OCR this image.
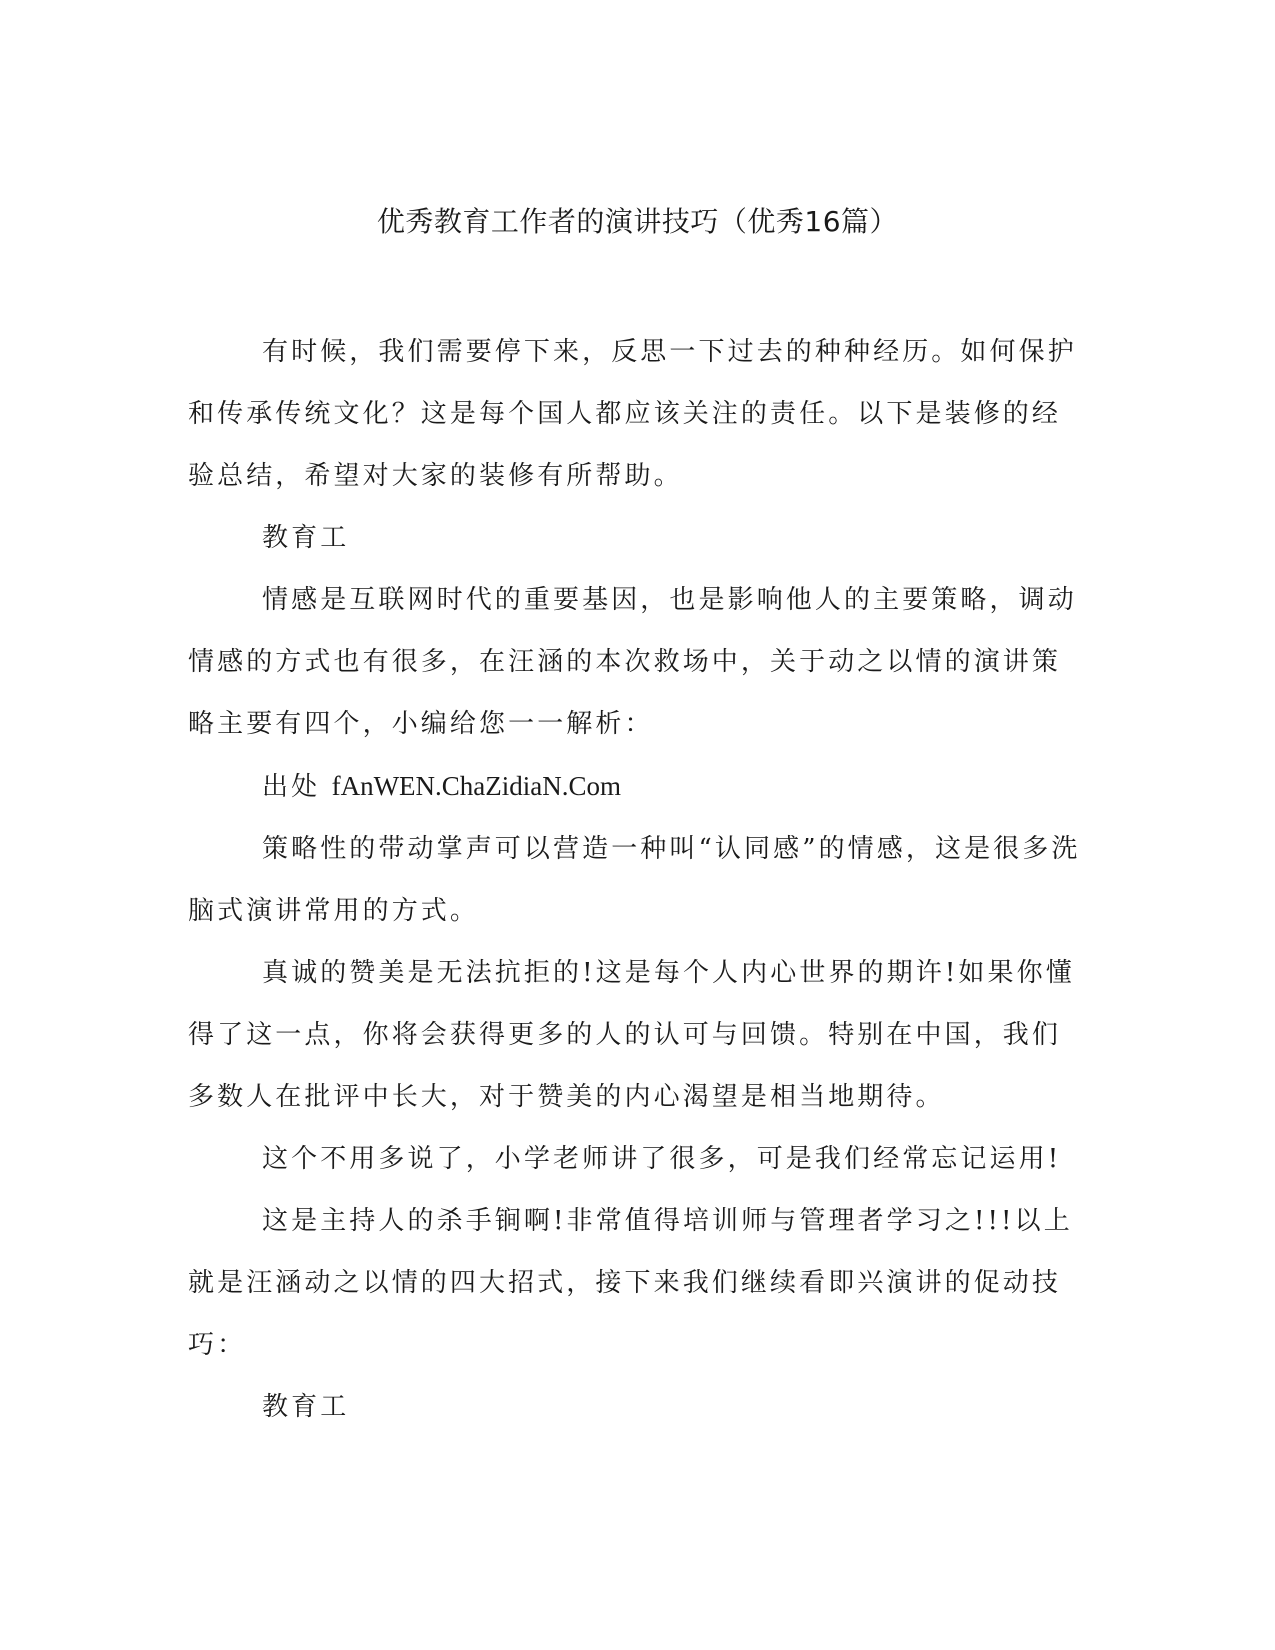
优秀教育工作者的演讲技巧（优秀16篇）

有时候，我们需要停下来，反思一下过去的种种经历。如何保护
和传承传统文化？这是每个国人都应该关注的责任。以下是装修的经
验总结，希望对大家的装修有所帮助。

教育工

情感是互联网时代的重要基因，也是影响他人的主要策略，调动
情感的方式也有很多，在汪涵的本次救场中，关于动之以情的演讲策
略主要有四个，小编给您一一解析：

出处 fAnWEN.ChaZidiaN.Com

策略性的带动掌声可以营造一种叫“认同感”的情感，这是很多洗
脑式演讲常用的方式。

真诚的赞美是无法抗拒的!这是每个人内心世界的期许!如果你懂
得了这一点，你将会获得更多的人的认可与回馈。特别在中国，我们
多数人在批评中长大，对于赞美的内心渴望是相当地期待。

这个不用多说了，小学老师讲了很多，可是我们经常忘记运用!

这是主持人的杀手锏啊!非常值得培训师与管理者学习之!!!以上
就是汪涵动之以情的四大招式，接下来我们继续看即兴演讲的促动技
巧：

教育工
